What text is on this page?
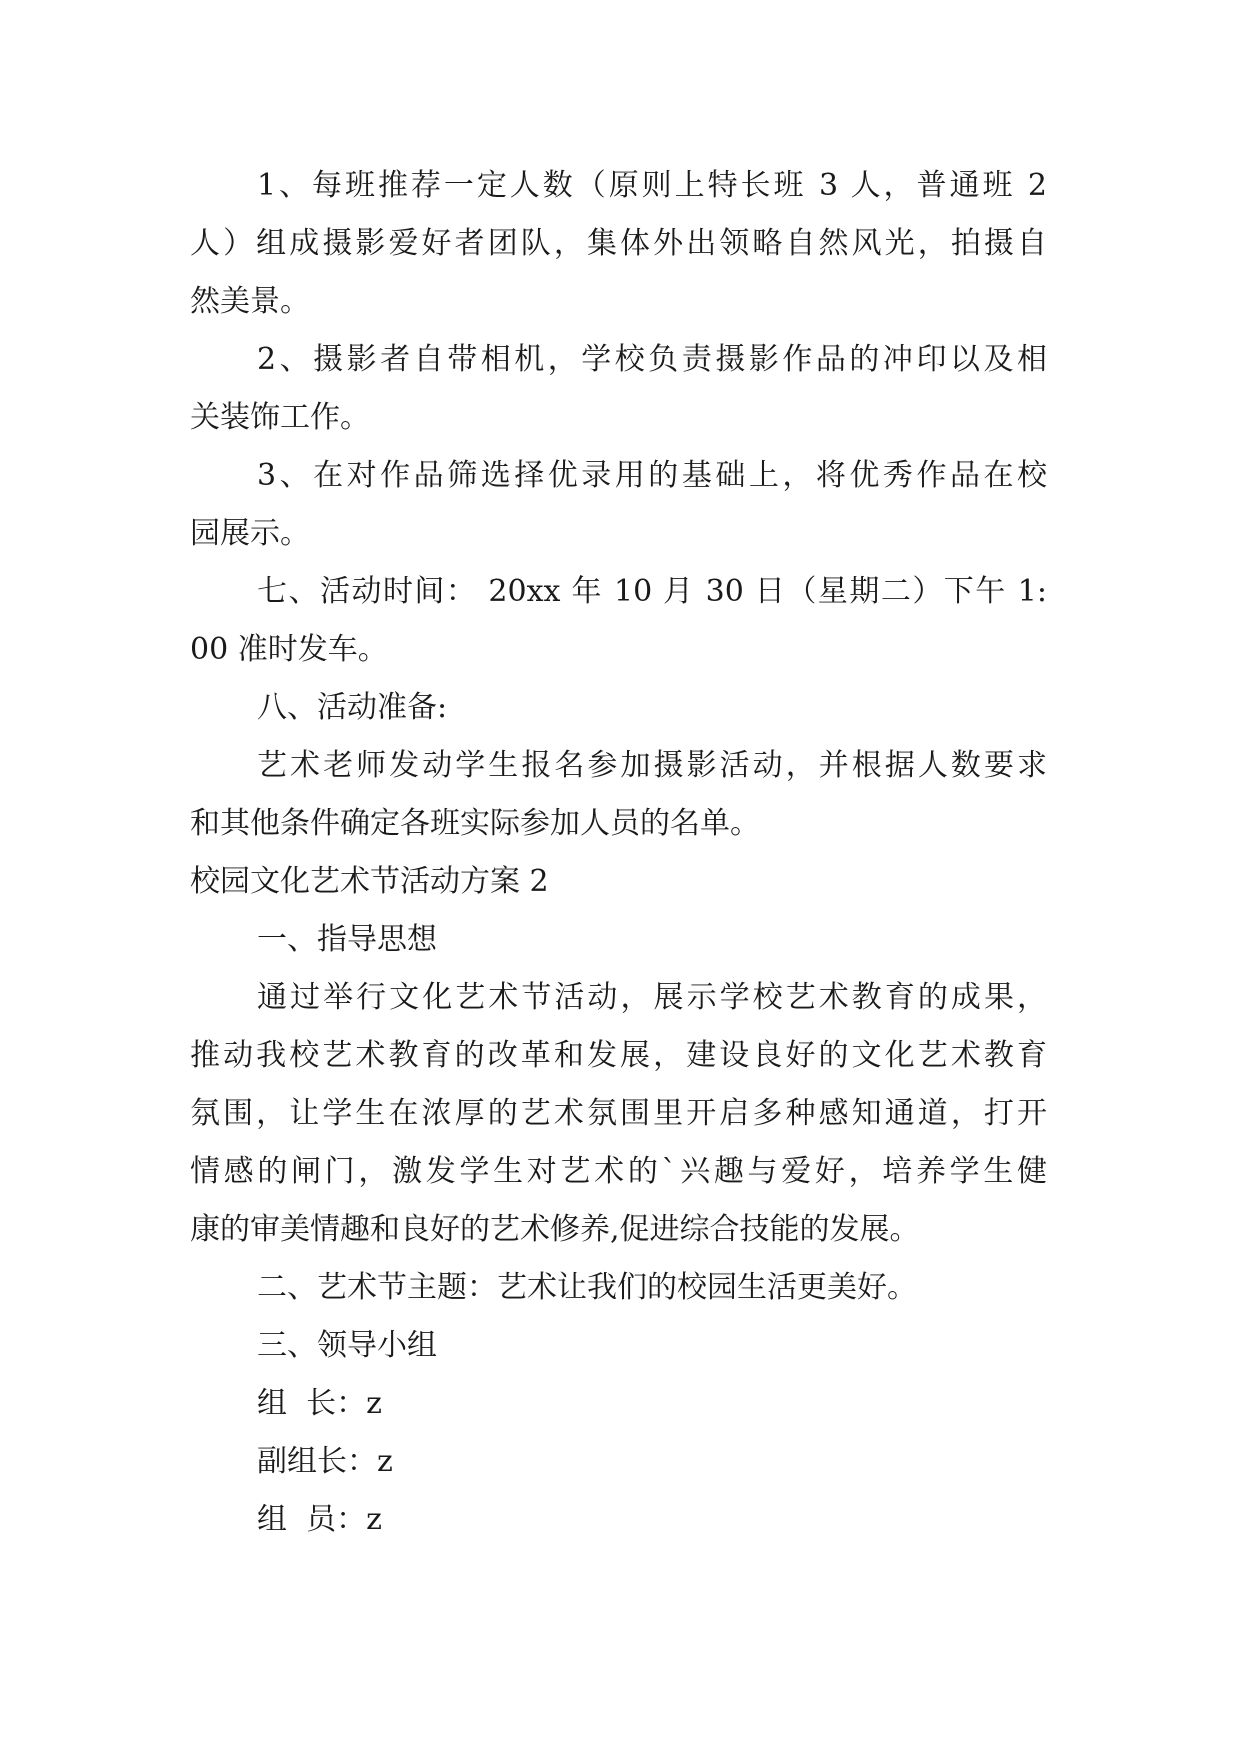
1、每班推荐一定人数（原则上特长班 3 人，普通班 2
人）组成摄影爱好者团队，集体外出领略自然风光，拍摄自
然美景。
2、摄影者自带相机，学校负责摄影作品的冲印以及相
关装饰工作。
3、在对作品筛选择优录用的基础上，将优秀作品在校
园展示。
七、活动时间： 20xx 年 10 月 30 日（星期二）下午 1:
00 准时发车。
八、活动准备:
艺术老师发动学生报名参加摄影活动，并根据人数要求
和其他条件确定各班实际参加人员的名单。
校园文化艺术节活动方案 2
一、指导思想
通过举行文化艺术节活动，展示学校艺术教育的成果，
推动我校艺术教育的改革和发展，建设良好的文化艺术教育
氛围，让学生在浓厚的艺术氛围里开启多种感知通道，打开
情感的闸门，激发学生对艺术的`兴趣与爱好，培养学生健
康的审美情趣和良好的艺术修养,促进综合技能的发展。
二、艺术节主题：艺术让我们的校园生活更美好。
三、领导小组
组  长：z
副组长：z
组  员：z
